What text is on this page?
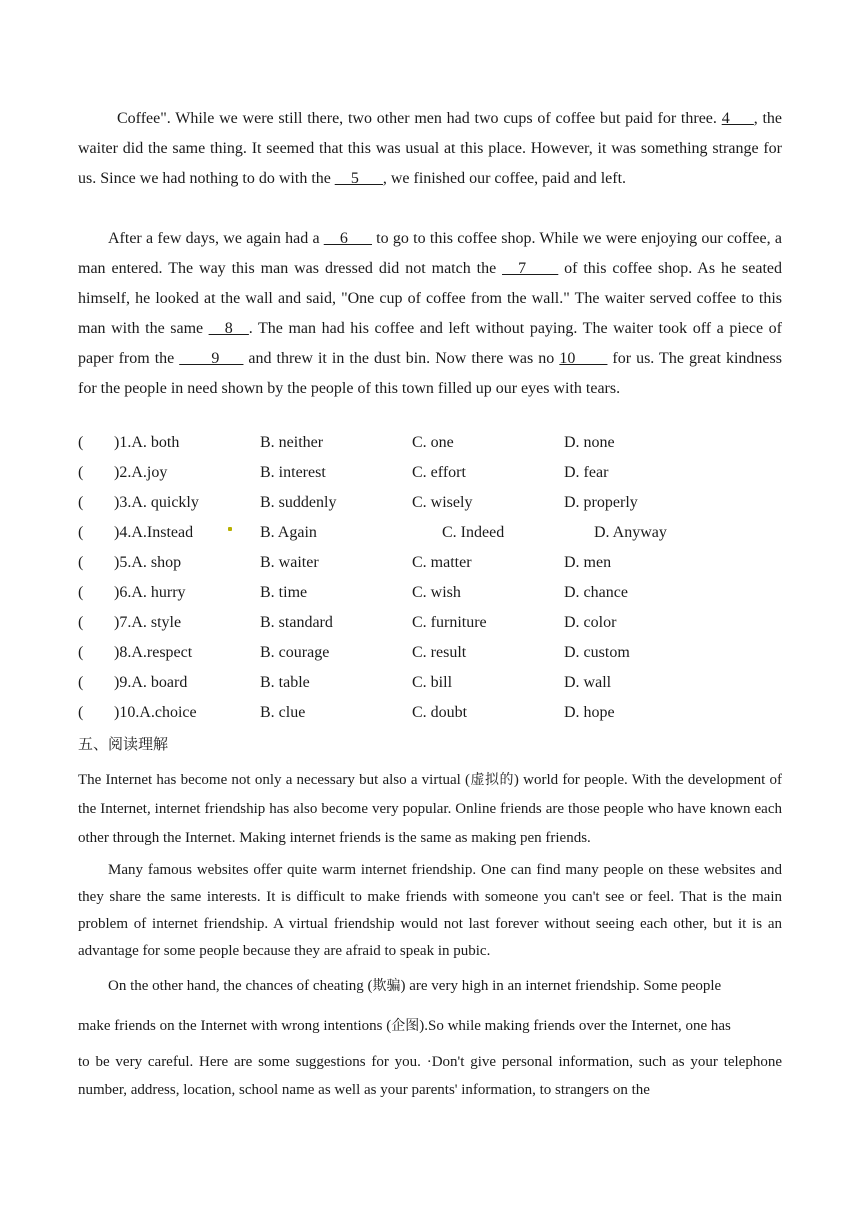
Coffee". While we were still there, two other men had two cups of coffee but paid for three. 4___, the waiter did the same thing. It seemed that this was usual at this place. However, it was something strange for us. Since we had nothing to do with the __5___, we finished our coffee, paid and left.
After a few days, we again had a __6___ to go to this coffee shop. While we were enjoying our coffee, a man entered. The way this man was dressed did not match the __7____ of this coffee shop. As he seated himself, he looked at the wall and said, "One cup of coffee from the wall." The waiter served coffee to this man with the same __8__. The man had his coffee and left without paying. The waiter took off a piece of paper from the ____9___ and threw it in the dust bin. Now there was no 10____ for us. The great kindness for the people in need shown by the people of this town filled up our eyes with tears.
( )1.A. both	B. neither	C. one	D. none
( )2.A.joy	B. interest	C. effort	D. fear
( )3.A. quickly	B. suddenly	C. wisely	D. properly
( )4.A.Instead	B. Again	C. Indeed	D. Anyway
( )5.A. shop	B. waiter	C. matter	D. men
( )6.A. hurry	B. time	C. wish	D. chance
( )7.A. style	B. standard	C. furniture	D. color
( )8.A.respect	B. courage	C. result	D. custom
( )9.A. board	B. table	C. bill	D. wall
( )10.A.choice	B. clue	C. doubt	D. hope
五、阅读理解
The Internet has become not only a necessary but also a virtual (虚拟的) world for people. With the development of the Internet, internet friendship has also become very popular. Online friends are those people who have known each other through the Internet. Making internet friends is the same as making pen friends.
Many famous websites offer quite warm internet friendship. One can find many people on these websites and they share the same interests. It is difficult to make friends with someone you can't see or feel. That is the main problem of internet friendship. A virtual friendship would not last forever without seeing each other, but it is an advantage for some people because they are afraid to speak in pubic.
On the other hand, the chances of cheating (欺骗) are very high in an internet friendship. Some people
make friends on the Internet with wrong intentions (企图).So while making friends over the Internet, one has
to be very careful. Here are some suggestions for you. ·Don't give personal information, such as your telephone number, address, location, school name as well as your parents' information, to strangers on the
